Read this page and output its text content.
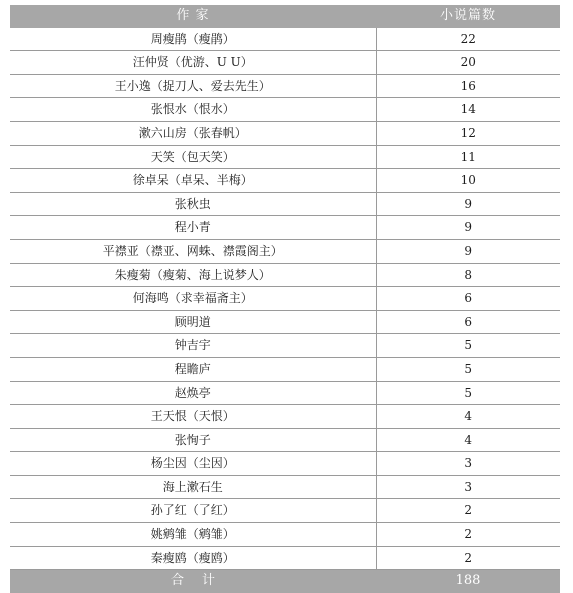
作 家	小说篇数
周瘦鹃（瘦鹃）	22
汪仲贤（优游、U U）	20
王小逸（捉刀人、爱去先生）	16
张恨水（恨水）	14
漱六山房（张春帆）	12
天笑（包天笑）	11
徐卓呆（卓呆、半梅）	10
张秋虫	9
程小青	9
平襟亚（襟亚、网蛛、襟霞阁主）	9
朱瘦菊（瘦菊、海上说梦人）	8
何海鸣（求幸福斋主）	6
顾明道	6
钟吉宇	5
程瞻庐	5
赵焕亭	5
王天恨（天恨）	4
张恂子	4
杨尘因（尘因）	3
海上漱石生	3
孙了红（了红）	2
姚鹓雏（鹓雏）	2
秦瘦鸥（瘦鸥）	2
合计	188
